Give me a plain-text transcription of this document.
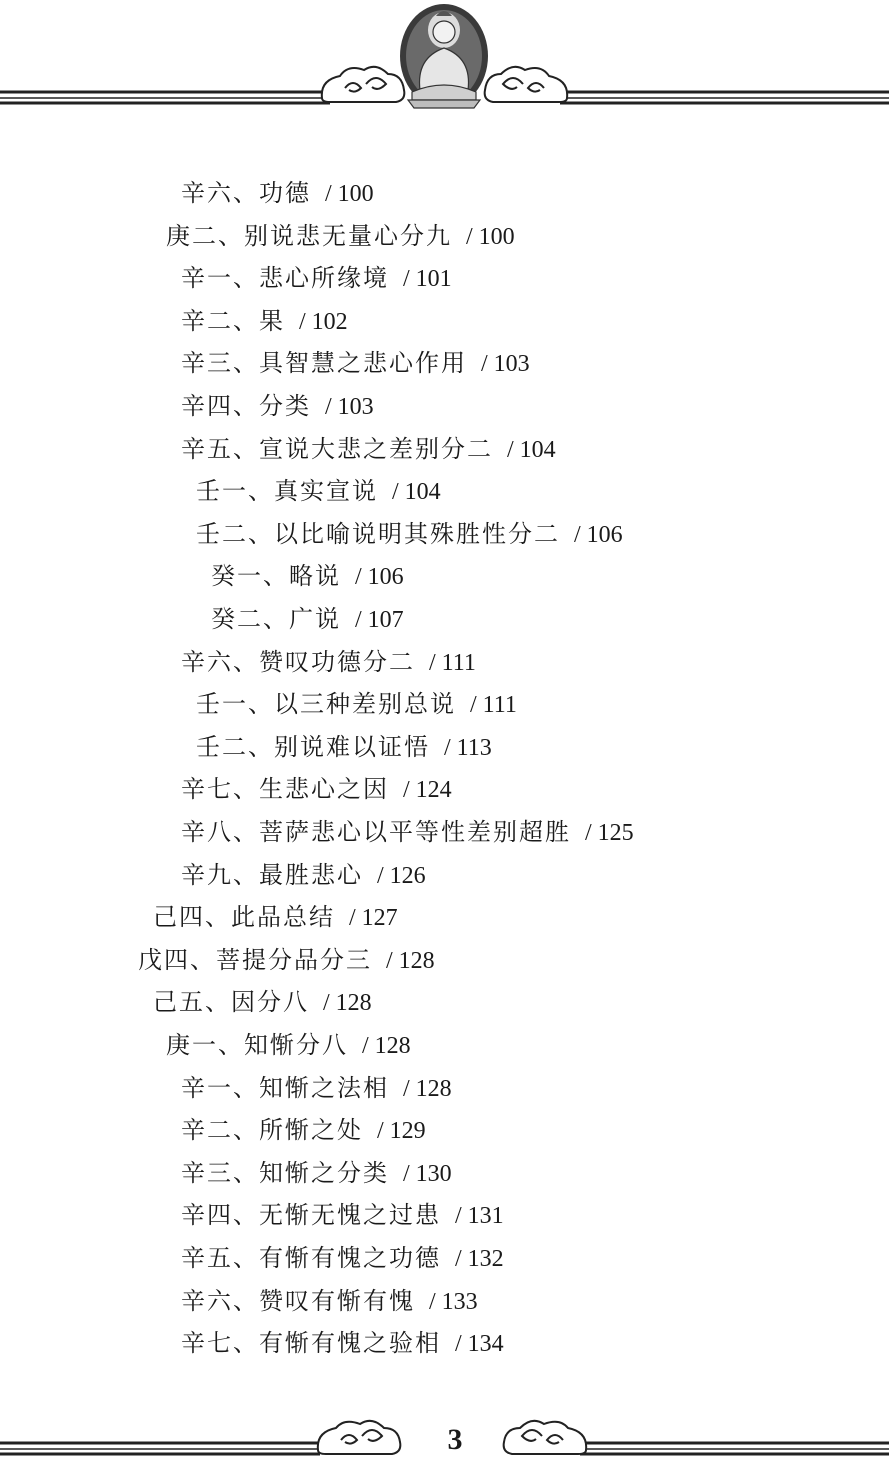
辛六、功德 / 100
庚二、别说悲无量心分九 / 100
辛一、悲心所缘境 / 101
辛二、果 / 102
辛三、具智慧之悲心作用 / 103
辛四、分类 / 103
辛五、宣说大悲之差别分二 / 104
壬一、真实宣说 / 104
壬二、以比喻说明其殊胜性分二 / 106
癸一、略说 / 106
癸二、广说 / 107
辛六、赞叹功德分二 / 111
壬一、以三种差别总说 / 111
壬二、别说难以证悟 / 113
辛七、生悲心之因 / 124
辛八、菩萨悲心以平等性差别超胜 / 125
辛九、最胜悲心 / 126
己四、此品总结 / 127
戊四、菩提分品分三 / 128
己五、因分八 / 128
庚一、知惭分八 / 128
辛一、知惭之法相 / 128
辛二、所惭之处 / 129
辛三、知惭之分类 / 130
辛四、无惭无愧之过患 / 131
辛五、有惭有愧之功德 / 132
辛六、赞叹有惭有愧 / 133
辛七、有惭有愧之验相 / 134
3
